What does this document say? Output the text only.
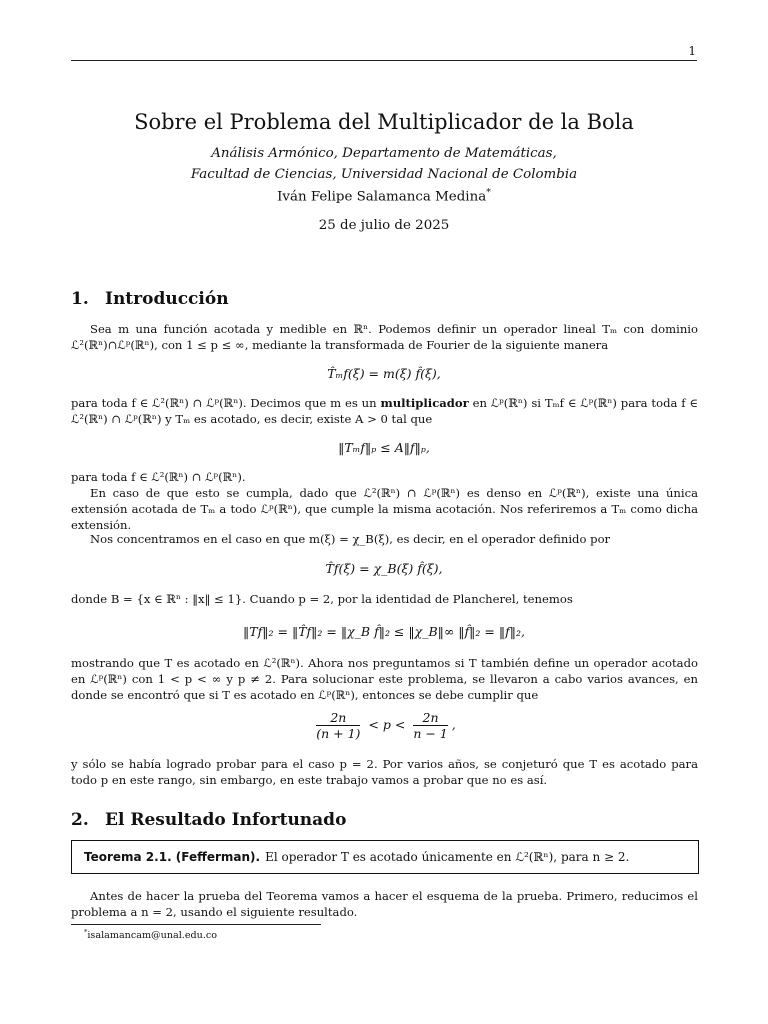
1
Sobre el Problema del Multiplicador de la Bola
Análisis Armónico, Departamento de Matemáticas,
Facultad de Ciencias, Universidad Nacional de Colombia
Iván Felipe Salamanca Medina*
25 de julio de 2025
1. Introducción
Sea m una función acotada y medible en ℝⁿ. Podemos definir un operador lineal Tₘ con dominio ℒ²(ℝⁿ)∩ℒᵖ(ℝⁿ), con 1 ≤ p ≤ ∞, mediante la transformada de Fourier de la siguiente manera
T̂ₘf(ξ) = m(ξ) f̂(ξ),
para toda f ∈ ℒ²(ℝⁿ) ∩ ℒᵖ(ℝⁿ). Decimos que m es un multiplicador en ℒᵖ(ℝⁿ) si Tₘf ∈ ℒᵖ(ℝⁿ) para toda f ∈ ℒ²(ℝⁿ) ∩ ℒᵖ(ℝⁿ) y Tₘ es acotado, es decir, existe A > 0 tal que
‖Tₘf‖ₚ ≤ A‖f‖ₚ,
para toda f ∈ ℒ²(ℝⁿ) ∩ ℒᵖ(ℝⁿ).
En caso de que esto se cumpla, dado que ℒ²(ℝⁿ) ∩ ℒᵖ(ℝⁿ) es denso en ℒᵖ(ℝⁿ), existe una única extensión acotada de Tₘ a todo ℒᵖ(ℝⁿ), que cumple la misma acotación. Nos referiremos a Tₘ como dicha extensión.
Nos concentramos en el caso en que m(ξ) = χ_B(ξ), es decir, en el operador definido por
T̂f(ξ) = χ_B(ξ) f̂(ξ),
donde B = {x ∈ ℝⁿ : ‖x‖ ≤ 1}. Cuando p = 2, por la identidad de Plancherel, tenemos
‖Tf‖₂ = ‖T̂f‖₂ = ‖χ_B f̂‖₂ ≤ ‖χ_B‖∞ ‖f̂‖₂ = ‖f‖₂,
mostrando que T es acotado en ℒ²(ℝⁿ). Ahora nos preguntamos si T también define un operador acotado en ℒᵖ(ℝⁿ) con 1 < p < ∞ y p ≠ 2. Para solucionar este problema, se llevaron a cabo varios avances, en donde se encontró que si T es acotado en ℒᵖ(ℝⁿ), entonces se debe cumplir que
$\frac{2n}{(n + 1)} < p < \frac{2n}{n - 1}$ ,
y sólo se había logrado probar para el caso p = 2. Por varios años, se conjeturó que T es acotado para todo p en este rango, sin embargo, en este trabajo vamos a probar que no es así.
2. El Resultado Infortunado
Teorema 2.1. (Fefferman). El operador T es acotado únicamente en ℒ²(ℝⁿ), para n ≥ 2.
Antes de hacer la prueba del Teorema vamos a hacer el esquema de la prueba. Primero, reducimos el problema a n = 2, usando el siguiente resultado.
*isalamancam@unal.edu.co
